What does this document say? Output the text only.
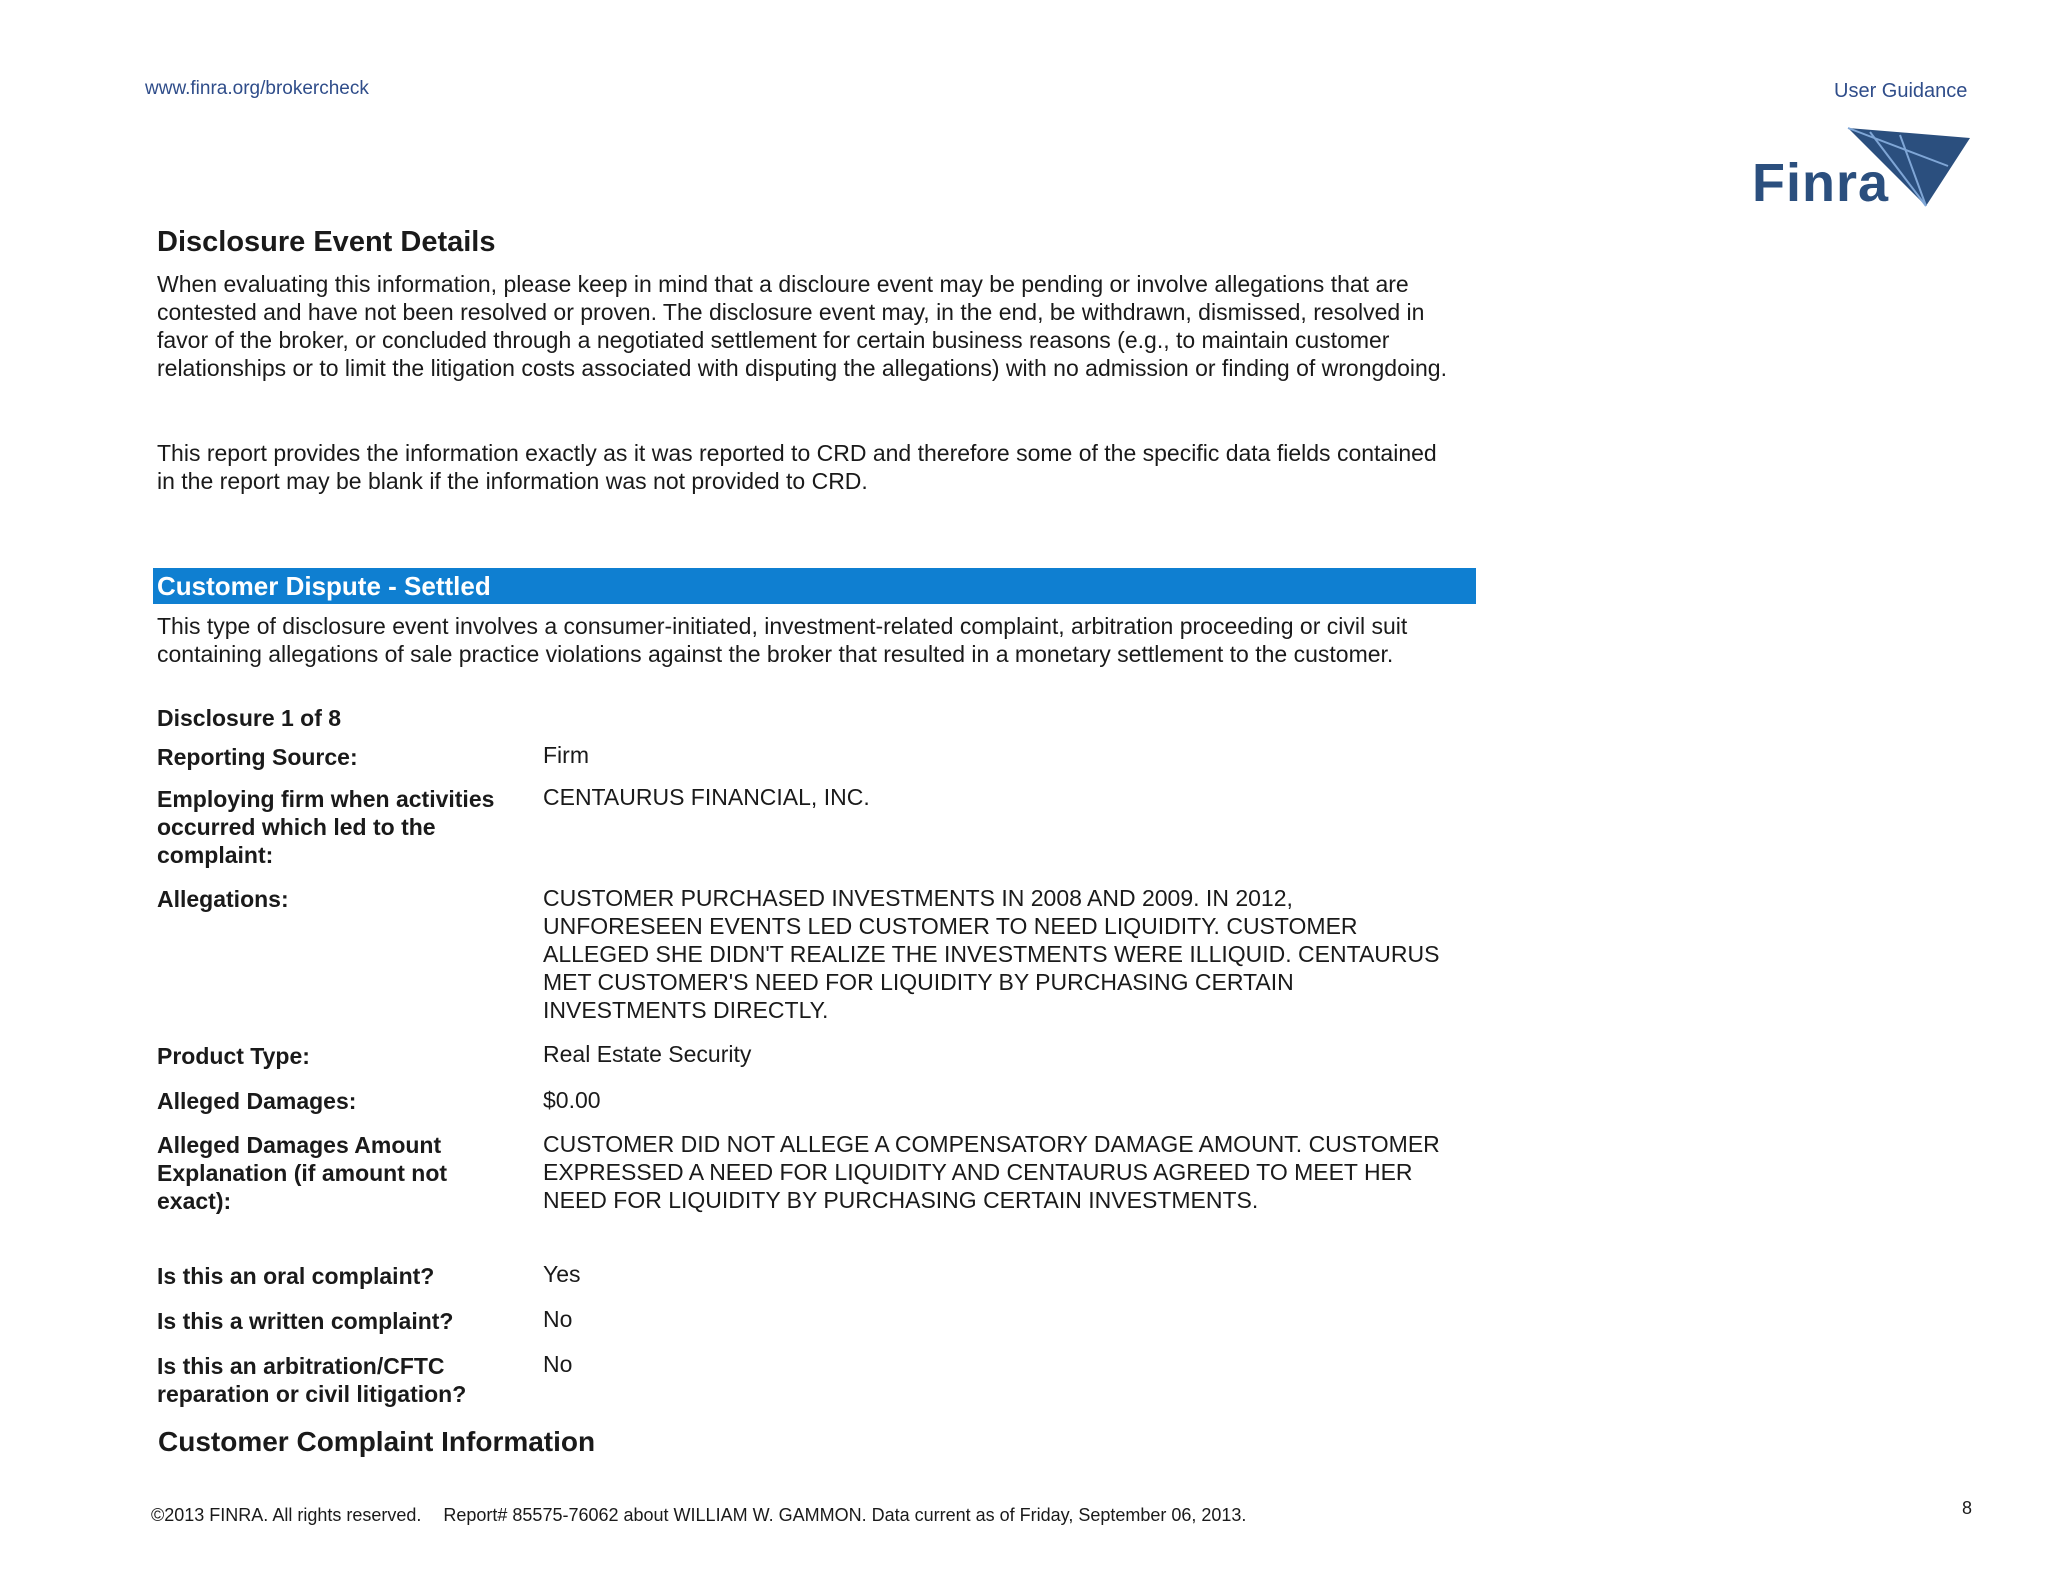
www.finra.org/brokercheck	User Guidance
Finra
Disclosure Event Details
When evaluating this information, please keep in mind that a discloure event may be pending or involve allegations that are contested and have not been resolved or proven. The disclosure event may, in the end, be withdrawn, dismissed, resolved in favor of the broker, or concluded through a negotiated settlement for certain business reasons (e.g., to maintain customer relationships or to limit the litigation costs associated with disputing the allegations) with no admission or finding of wrongdoing.
This report provides the information exactly as it was reported to CRD and therefore some of the specific data fields contained in the report may be blank if the information was not provided to CRD.
Customer Dispute - Settled
This type of disclosure event involves a consumer-initiated, investment-related complaint, arbitration proceeding or civil suit containing allegations of sale practice violations against the broker that resulted in a monetary settlement to the customer.
Disclosure 1 of 8
Reporting Source:	Firm
Employing firm when activities occurred which led to the complaint:
CENTAURUS FINANCIAL, INC.
Allegations:	CUSTOMER PURCHASED INVESTMENTS IN 2008 AND 2009. IN 2012, UNFORESEEN EVENTS LED CUSTOMER TO NEED LIQUIDITY. CUSTOMER ALLEGED SHE DIDN'T REALIZE THE INVESTMENTS WERE ILLIQUID. CENTAURUS MET CUSTOMER'S NEED FOR LIQUIDITY BY PURCHASING CERTAIN INVESTMENTS DIRECTLY.
Product Type:	Real Estate Security
Alleged Damages:	$0.00
Alleged Damages Amount Explanation (if amount not exact):
CUSTOMER DID NOT ALLEGE A COMPENSATORY DAMAGE AMOUNT. CUSTOMER EXPRESSED A NEED FOR LIQUIDITY AND CENTAURUS AGREED TO MEET HER NEED FOR LIQUIDITY BY PURCHASING CERTAIN INVESTMENTS.
Is this an oral complaint?	Yes
Is this a written complaint?	No
Is this an arbitration/CFTC reparation or civil litigation?
No
Customer Complaint Information
©2013 FINRA. All rights reserved. Report# 85575-76062 about WILLIAM W. GAMMON. Data current as of Friday, September 06, 2013.	8
